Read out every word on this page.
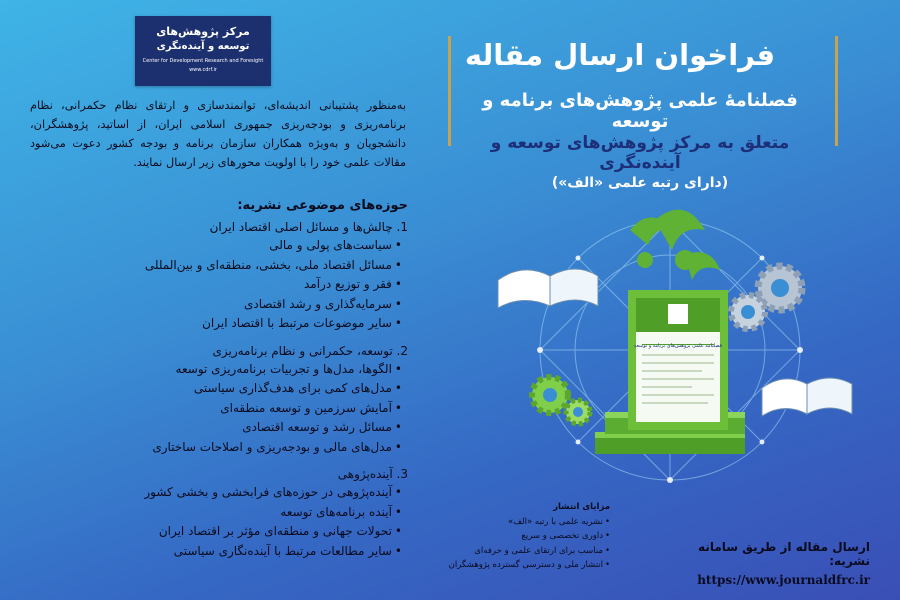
مرکز پژوهش‌های
توسعه و آینده‌نگری
Center for Development Research and Foresight
www.cdrf.ir	فراخوان ارسال مقاله
فصلنامهٔ علمی پژوهش‌های برنامه و توسعه
متعلق به مرکز پژوهش‌های توسعه و آینده‌نگری
(دارای رتبه علمی «الف»)
به‌منظور پشتیبانی اندیشه‌ای، توانمندسازی و ارتقای نظام حکمرانی، نظام برنامه‌ریزی و بودجه‌ریزی جمهوری اسلامی ایران، از اساتید، پژوهشگران، دانشجویان و به‌ویژه همکاران سازمان برنامه و بودجه کشور دعوت می‌شود مقالات علمی خود را با اولویت محورهای زیر ارسال نمایند.
حوزه‌های موضوعی نشریه:
1. چالش‌ها و مسائل اصلی اقتصاد ایران
• سیاست‌های پولی و مالی
• مسائل اقتصاد ملی، بخشی، منطقه‌ای و بین‌المللی
• فقر و توزیع درآمد
• سرمایه‌گذاری و رشد اقتصادی
• سایر موضوعات مرتبط با اقتصاد ایران
2. توسعه، حکمرانی و نظام برنامه‌ریزی
• الگوها، مدل‌ها و تجربیات برنامه‌ریزی توسعه
• مدل‌های کمی برای هدف‌گذاری سیاستی
• آمایش سرزمین و توسعه منطقه‌ای
• مسائل رشد و توسعه اقتصادی
• مدل‌های مالی و بودجه‌ریزی و اصلاحات ساختاری
3. آینده‌پژوهی
• آینده‌پژوهی در حوزه‌های فرابخشی و بخشی کشور
• آینده برنامه‌های توسعه
• تحولات جهانی و منطقه‌ای مؤثر بر اقتصاد ایران
• سایر مطالعات مرتبط با آینده‌نگاری سیاستی
فصلنامه علمی پژوهش‌های برنامه و توسعه
مزایای انتشار
• نشریه علمی با رتبه «الف»
• داوری تخصصی و سریع
• مناسب برای ارتقای علمی و حرفه‌ای
• انتشار ملی و دسترسی گسترده پژوهشگران
ارسال مقاله از طریق سامانه نشریه:
https://www.journaldfrc.ir
